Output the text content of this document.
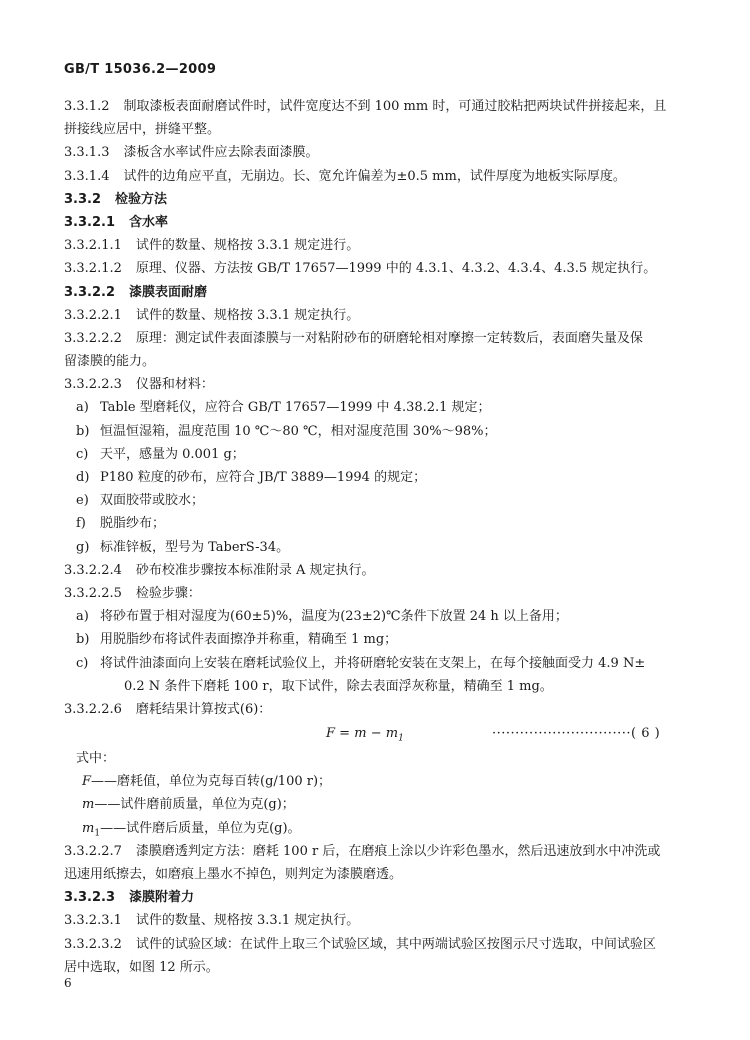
GB/T 15036.2—2009
3.3.1.2 制取漆板表面耐磨试件时，试件宽度达不到 100 mm 时，可通过胶粘把两块试件拼接起来，且
拼接线应居中，拼缝平整。
3.3.1.3 漆板含水率试件应去除表面漆膜。
3.3.1.4 试件的边角应平直，无崩边。长、宽允许偏差为±0.5 mm，试件厚度为地板实际厚度。
3.3.2 检验方法
3.3.2.1 含水率
3.3.2.1.1 试件的数量、规格按 3.3.1 规定进行。
3.3.2.1.2 原理、仪器、方法按 GB/T 17657—1999 中的 4.3.1、4.3.2、4.3.4、4.3.5 规定执行。
3.3.2.2 漆膜表面耐磨
3.3.2.2.1 试件的数量、规格按 3.3.1 规定执行。
3.3.2.2.2 原理：测定试件表面漆膜与一对粘附砂布的研磨轮相对摩擦一定转数后，表面磨失量及保
留漆膜的能力。
3.3.2.2.3 仪器和材料：
a) Table 型磨耗仪，应符合 GB/T 17657—1999 中 4.38.2.1 规定；
b) 恒温恒湿箱，温度范围 10 ℃～80 ℃，相对湿度范围 30%～98%；
c) 天平，感量为 0.001 g；
d) P180 粒度的砂布，应符合 JB/T 3889—1994 的规定；
e) 双面胶带或胶水；
f) 脱脂纱布；
g) 标准锌板，型号为 TaberS-34。
3.3.2.2.4 砂布校准步骤按本标准附录 A 规定执行。
3.3.2.2.5 检验步骤：
a) 将砂布置于相对湿度为(60±5)%，温度为(23±2)℃条件下放置 24 h 以上备用；
b) 用脱脂纱布将试件表面擦净并称重，精确至 1 mg；
c) 将试件油漆面向上安装在磨耗试验仪上，并将研磨轮安装在支架上，在每个接触面受力 4.9 N±
0.2 N 条件下磨耗 100 r，取下试件，除去表面浮灰称量，精确至 1 mg。
3.3.2.2.6 磨耗结果计算按式(6)：
$F = m - m_1$	······························( 6 )
式中：
F——磨耗值，单位为克每百转(g/100 r)；
m——试件磨前质量，单位为克(g)；
$m_1——$试件磨后质量，单位为克(g)。
3.3.2.2.7 漆膜磨透判定方法：磨耗 100 r 后，在磨痕上涂以少许彩色墨水，然后迅速放到水中冲洗或
迅速用纸擦去，如磨痕上墨水不掉色，则判定为漆膜磨透。
3.3.2.3 漆膜附着力
3.3.2.3.1 试件的数量、规格按 3.3.1 规定执行。
3.3.2.3.2 试件的试验区域：在试件上取三个试验区域，其中两端试验区按图示尺寸选取，中间试验区
居中选取，如图 12 所示。
6
